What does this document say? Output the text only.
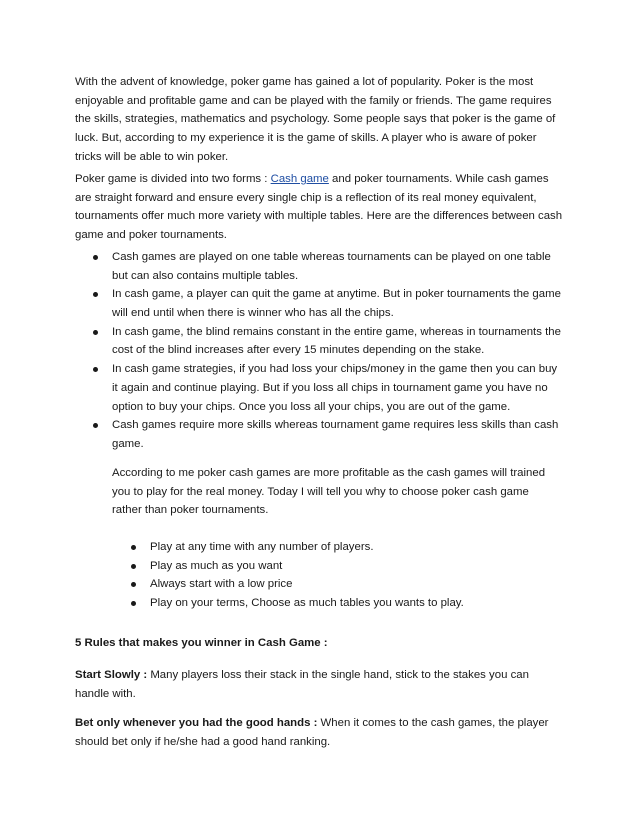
With the advent of knowledge, poker game has gained a lot of popularity. Poker is the most enjoyable and profitable game and can be played with the family or friends. The game requires the skills, strategies, mathematics and psychology. Some people says that poker is the game of luck. But, according to my experience it is the game of skills. A player who is aware of poker tricks will be able to win poker.

Poker game is divided into two forms : Cash game and poker tournaments. While cash games are straight forward and ensure every single chip is a reflection of its real money equivalent, tournaments offer much more variety with multiple tables. Here are the differences between cash game and poker tournaments.

Cash games are played on one table whereas tournaments can be played on one table but can also contains multiple tables.
In cash game, a player can quit the game at anytime. But in poker tournaments the game will end until when there is winner who has all the chips.
In cash game, the blind remains constant in the entire game, whereas in tournaments the cost of the blind increases after every 15 minutes depending on the stake.
In cash game strategies, if you had loss your chips/money in the game then you can buy it again and continue playing. But if you loss all chips in tournament game you have no option to buy your chips. Once you loss all your chips, you are out of the game.
Cash games require more skills whereas tournament game requires less skills than cash game.

According to me poker cash games are more profitable as the cash games will trained you to play for the real money. Today I will tell you why to choose poker cash game rather than poker tournaments.

Play at any time with any number of players.
Play as much as you want
Always start with a low price
Play on your terms, Choose as much tables you wants to play.

5 Rules that makes you winner in Cash Game :

Start Slowly : Many players loss their stack in the single hand, stick to the stakes you can handle with.

Bet only whenever you had the good hands : When it comes to the cash games, the player should bet only if he/she had a good hand ranking.
